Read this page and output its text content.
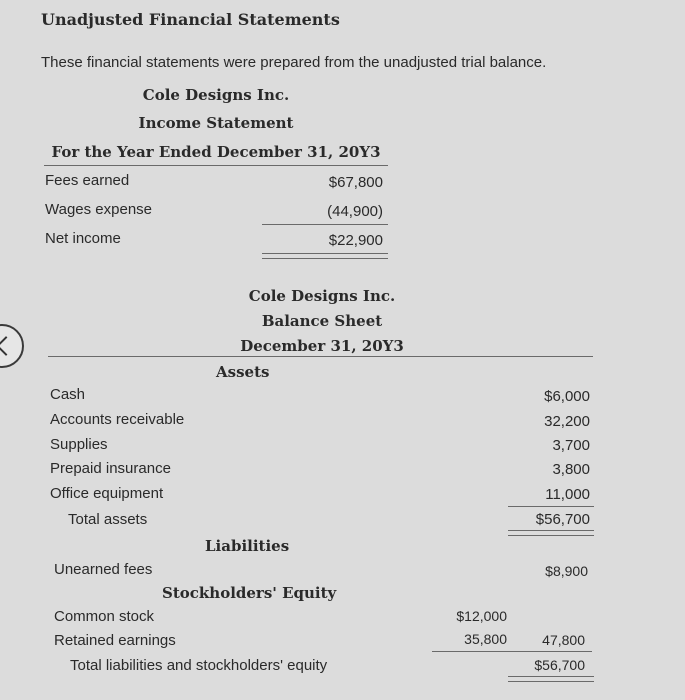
Unadjusted Financial Statements
These financial statements were prepared from the unadjusted trial balance.
Cole Designs Inc.
Income Statement
For the Year Ended December 31, 20Y3
Fees earned	$67,800
Wages expense	(44,900)
Net income	$22,900
Cole Designs Inc.
Balance Sheet
December 31, 20Y3
Assets
Cash	$6,000
Accounts receivable	32,200
Supplies	3,700
Prepaid insurance	3,800
Office equipment	11,000
Total assets	$56,700
Liabilities
Unearned fees	$8,900
Stockholders' Equity
Common stock	$12,000
Retained earnings	35,800	47,800
Total liabilities and stockholders' equity	$56,700
